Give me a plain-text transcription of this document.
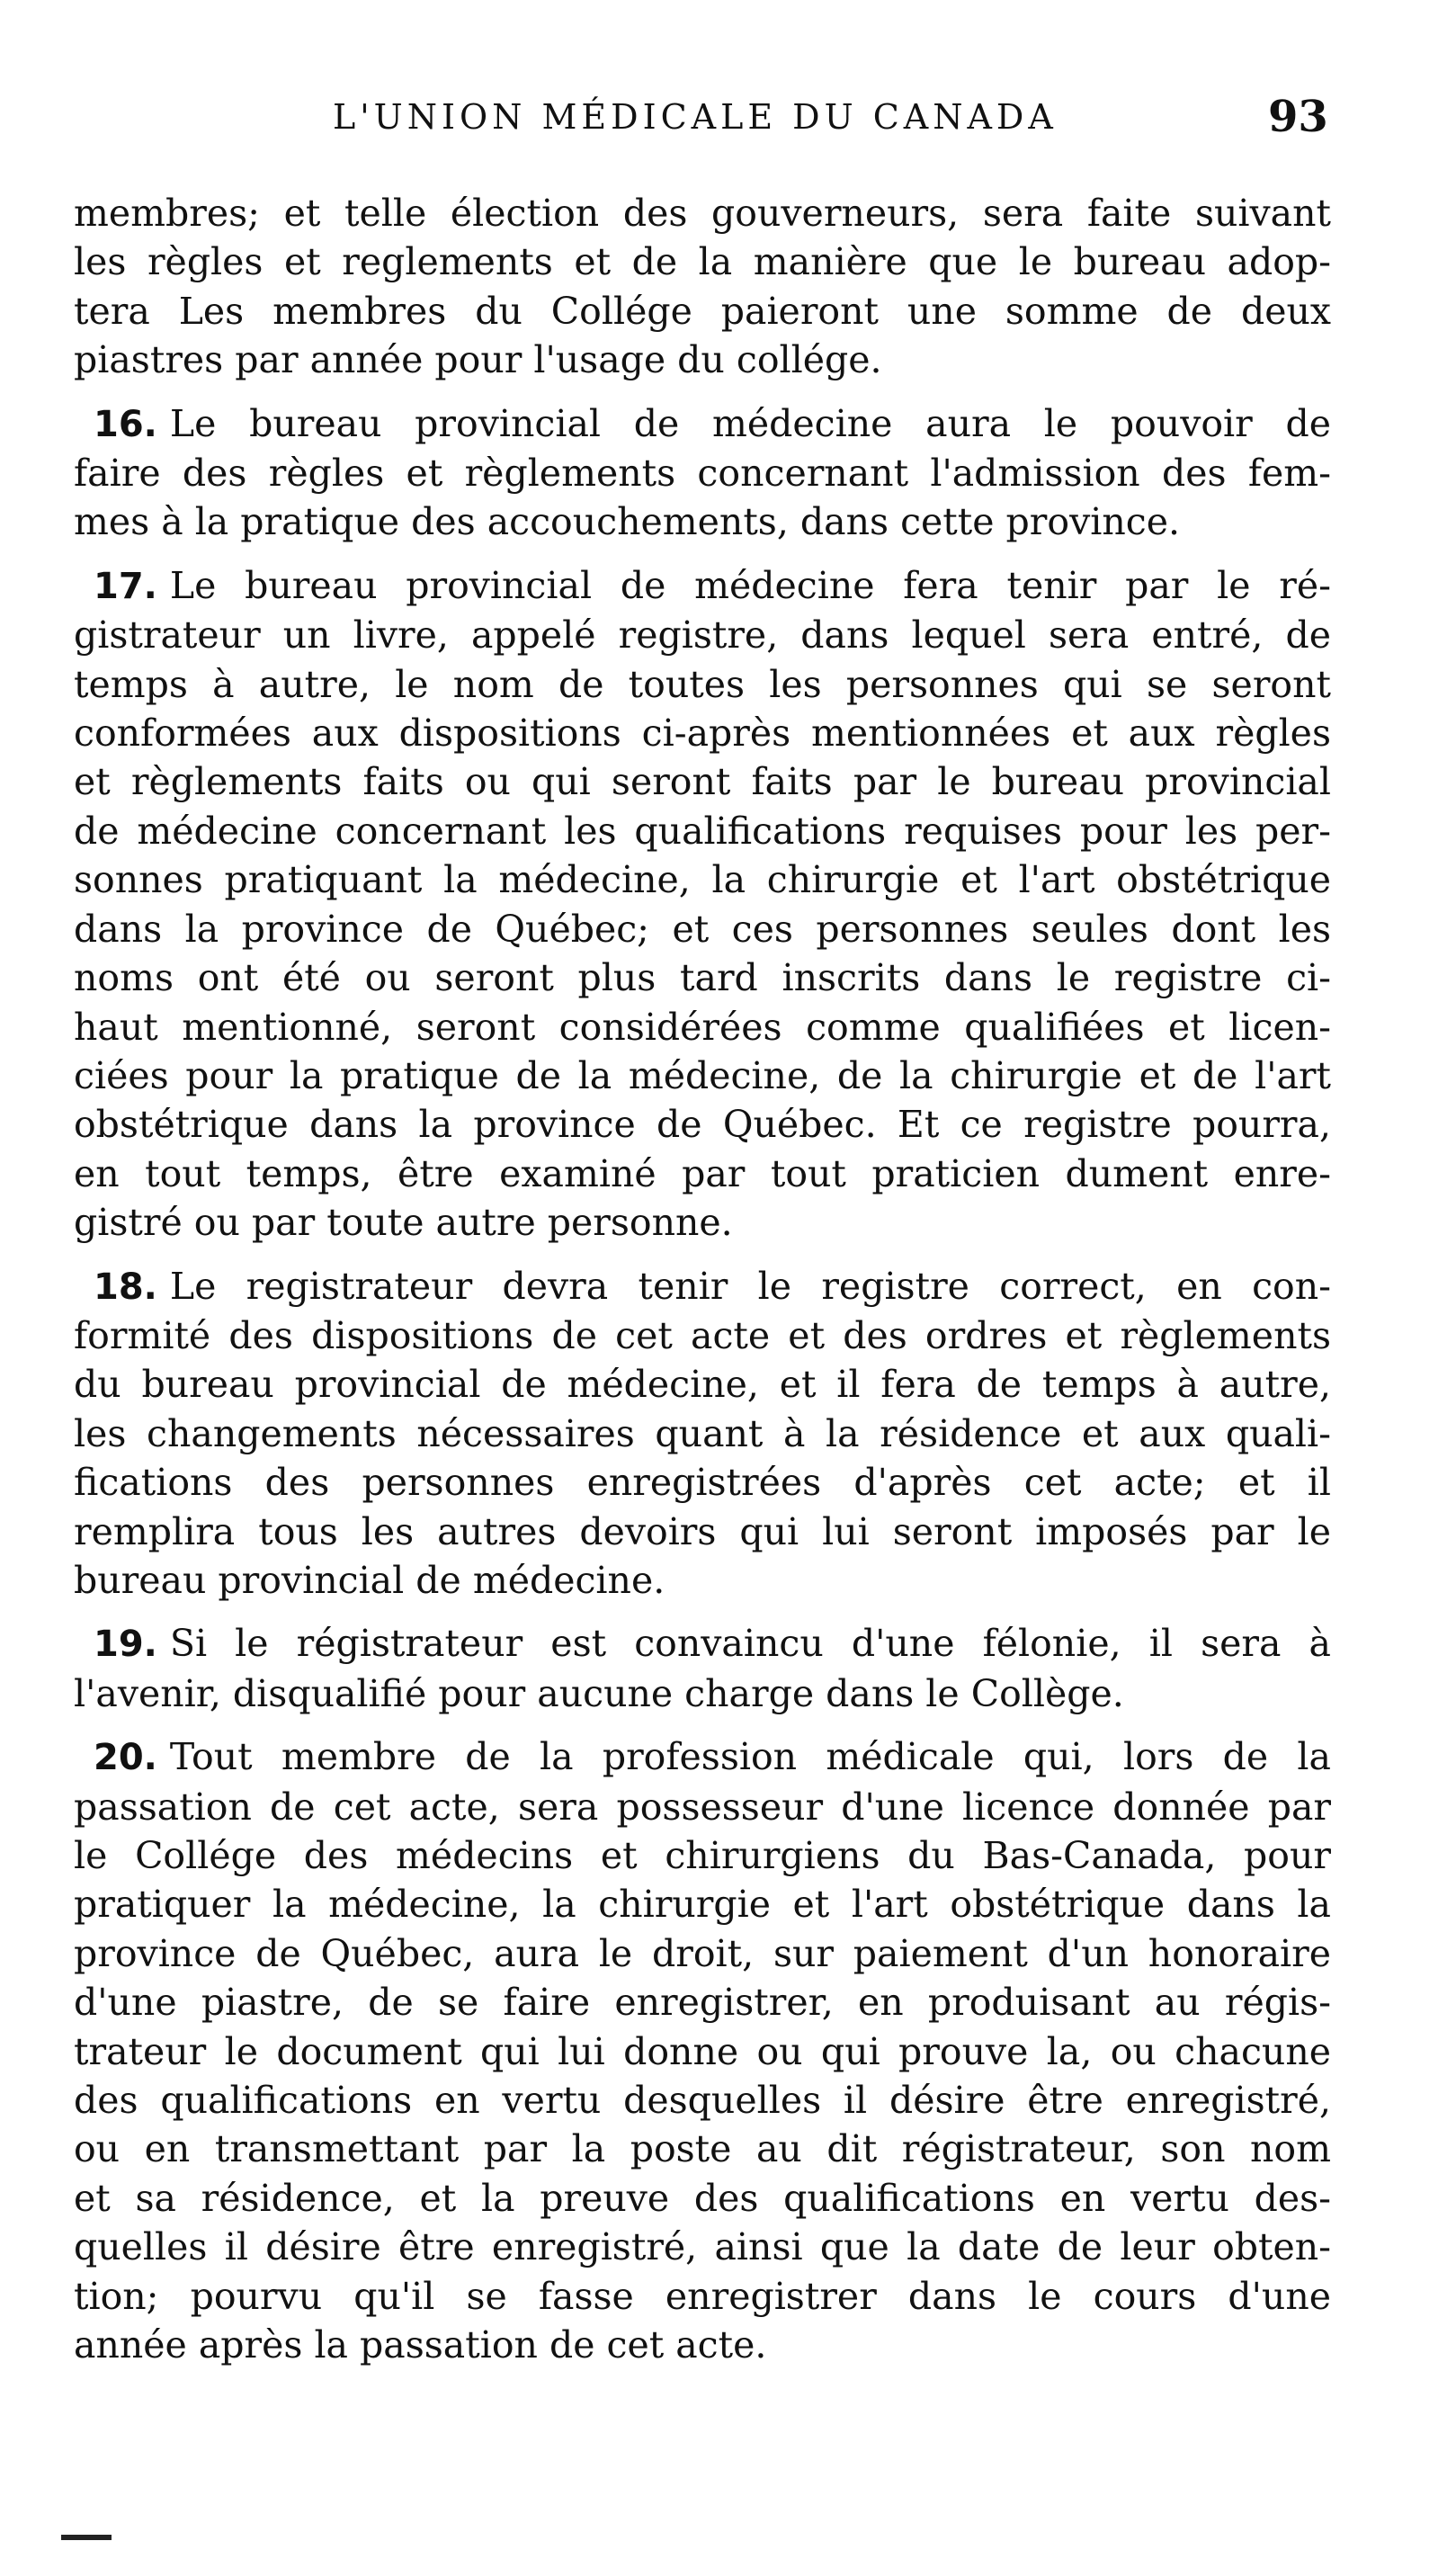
L'UNION MÉDICALE DU CANADA	93
membres; et telle élection des gouverneurs, sera faite suivant
les règles et reglements et de la manière que le bureau adop-
tera Les membres du Collége paieront une somme de deux
piastres par année pour l'usage du collége.
16. Le bureau provincial de médecine aura le pouvoir de
faire des règles et règlements concernant l'admission des fem-
mes à la pratique des accouchements, dans cette province.
17. Le bureau provincial de médecine fera tenir par le ré-
gistrateur un livre, appelé registre, dans lequel sera entré, de
temps à autre, le nom de toutes les personnes qui se seront
conformées aux dispositions ci-après mentionnées et aux règles
et règlements faits ou qui seront faits par le bureau provincial
de médecine concernant les qualifications requises pour les per-
sonnes pratiquant la médecine, la chirurgie et l'art obstétrique
dans la province de Québec; et ces personnes seules dont les
noms ont été ou seront plus tard inscrits dans le registre ci-
haut mentionné, seront considérées comme qualifiées et licen-
ciées pour la pratique de la médecine, de la chirurgie et de l'art
obstétrique dans la province de Québec. Et ce registre pourra,
en tout temps, être examiné par tout praticien dument enre-
gistré ou par toute autre personne.
18. Le registrateur devra tenir le registre correct, en con-
formité des dispositions de cet acte et des ordres et règlements
du bureau provincial de médecine, et il fera de temps à autre,
les changements nécessaires quant à la résidence et aux quali-
fications des personnes enregistrées d'après cet acte; et il
remplira tous les autres devoirs qui lui seront imposés par le
bureau provincial de médecine.
19. Si le régistrateur est convaincu d'une félonie, il sera à
l'avenir, disqualifié pour aucune charge dans le Collège.
20. Tout membre de la profession médicale qui, lors de la
passation de cet acte, sera possesseur d'une licence donnée par
le Collége des médecins et chirurgiens du Bas-Canada, pour
pratiquer la médecine, la chirurgie et l'art obstétrique dans la
province de Québec, aura le droit, sur paiement d'un honoraire
d'une piastre, de se faire enregistrer, en produisant au régis-
trateur le document qui lui donne ou qui prouve la, ou chacune
des qualifications en vertu desquelles il désire être enregistré,
ou en transmettant par la poste au dit régistrateur, son nom
et sa résidence, et la preuve des qualifications en vertu des-
quelles il désire être enregistré, ainsi que la date de leur obten-
tion; pourvu qu'il se fasse enregistrer dans le cours d'une
année après la passation de cet acte.
